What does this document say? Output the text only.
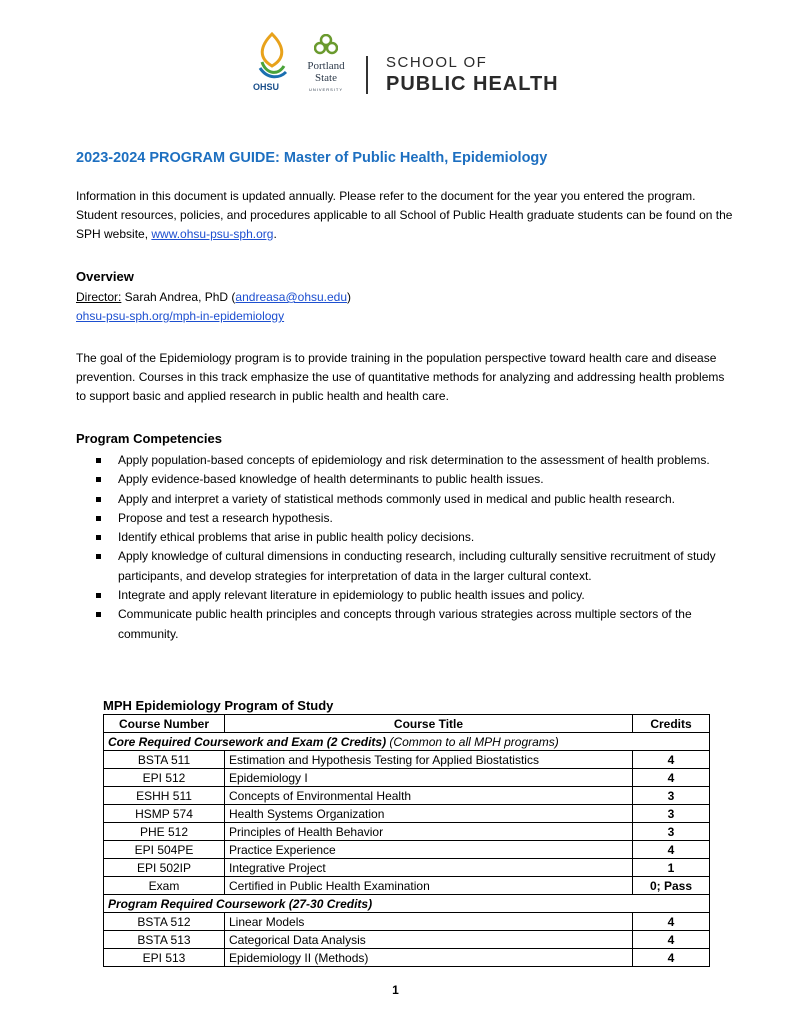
OHSU
Portland
State
UNIVERSITY
SCHOOL OF
PUBLIC HEALTH
2023-2024 PROGRAM GUIDE: Master of Public Health, Epidemiology
Information in this document is updated annually. Please refer to the document for the year you entered the program. Student resources, policies, and procedures applicable to all School of Public Health graduate students can be found on the SPH website, www.ohsu-psu-sph.org.
Overview
Director: Sarah Andrea, PhD (andreasa@ohsu.edu)
ohsu-psu-sph.org/mph-in-epidemiology
The goal of the Epidemiology program is to provide training in the population perspective toward health care and disease prevention. Courses in this track emphasize the use of quantitative methods for analyzing and addressing health problems to support basic and applied research in public health and health care.
Program Competencies
Apply population-based concepts of epidemiology and risk determination to the assessment of health problems.
Apply evidence-based knowledge of health determinants to public health issues.
Apply and interpret a variety of statistical methods commonly used in medical and public health research.
Propose and test a research hypothesis.
Identify ethical problems that arise in public health policy decisions.
Apply knowledge of cultural dimensions in conducting research, including culturally sensitive recruitment of study participants, and develop strategies for interpretation of data in the larger cultural context.
Integrate and apply relevant literature in epidemiology to public health issues and policy.
Communicate public health principles and concepts through various strategies across multiple sectors of the community.
MPH Epidemiology Program of Study
Course Number	Course Title	Credits
Core Required Coursework and Exam (2 Credits) (Common to all MPH programs)		
BSTA 511	Estimation and Hypothesis Testing for Applied Biostatistics	4
EPI 512	Epidemiology I	4
ESHH 511	Concepts of Environmental Health	3
HSMP 574	Health Systems Organization	3
PHE 512	Principles of Health Behavior	3
EPI 504PE	Practice Experience	4
EPI 502IP	Integrative Project	1
Exam	Certified in Public Health Examination	0; Pass
Program Required Coursework (27-30 Credits)		
BSTA 512	Linear Models	4
BSTA 513	Categorical Data Analysis	4
EPI 513	Epidemiology II (Methods)	4
1
